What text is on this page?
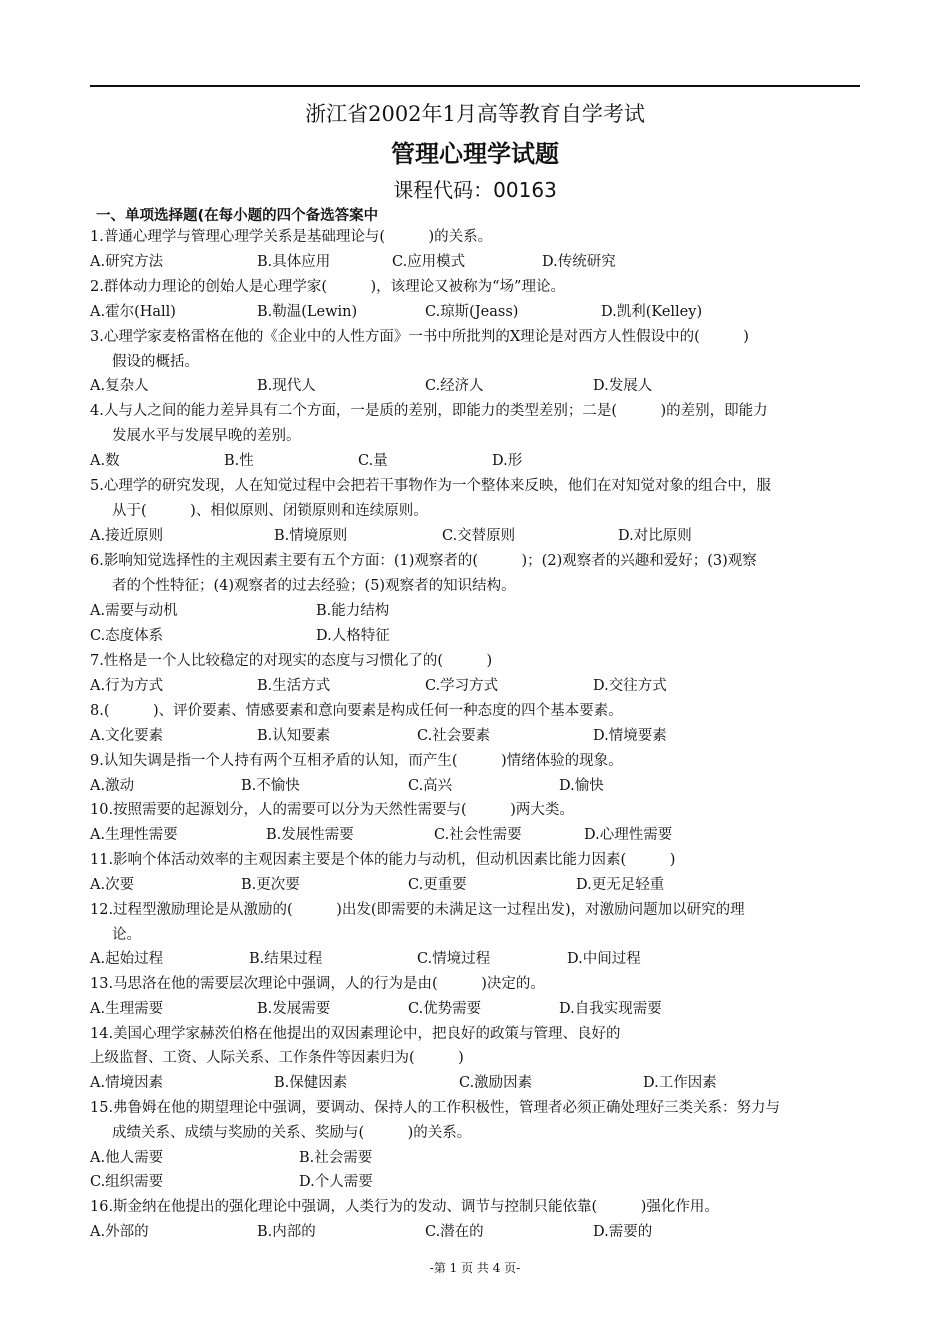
浙江省2002年1月高等教育自学考试
管理心理学试题
课程代码：00163
一、单项选择题(在每小题的四个备选答案中
1.普通心理学与管理心理学关系是基础理论与(　　　)的关系。
A.研究方法	B.具体应用	C.应用模式	D.传统研究
2.群体动力理论的创始人是心理学家(　　　)，该理论又被称为“场”理论。
A.霍尔(Hall)	B.勒温(Lewin)	C.琼斯(Jeass)	D.凯利(Kelley)
3.心理学家麦格雷格在他的《企业中的人性方面》一书中所批判的X理论是对西方人性假设中的(　　　)
假设的概括。
A.复杂人	B.现代人	C.经济人	D.发展人
4.人与人之间的能力差异具有二个方面，一是质的差别，即能力的类型差别；二是(　　　)的差别，即能力
发展水平与发展早晚的差别。
A.数	B.性	C.量	D.形
5.心理学的研究发现，人在知觉过程中会把若干事物作为一个整体来反映，他们在对知觉对象的组合中，服
从于(　　　)、相似原则、闭锁原则和连续原则。
A.接近原则	B.情境原则	C.交替原则	D.对比原则
6.影响知觉选择性的主观因素主要有五个方面：(1)观察者的(　　　)；(2)观察者的兴趣和爱好；(3)观察
者的个性特征；(4)观察者的过去经验；(5)观察者的知识结构。
A.需要与动机	B.能力结构
C.态度体系	D.人格特征
7.性格是一个人比较稳定的对现实的态度与习惯化了的(　　　)
A.行为方式	B.生活方式	C.学习方式	D.交往方式
8.(　　　)、评价要素、情感要素和意向要素是构成任何一种态度的四个基本要素。
A.文化要素	B.认知要素	C.社会要素	D.情境要素
9.认知失调是指一个人持有两个互相矛盾的认知，而产生(　　　)情绪体验的现象。
A.激动	B.不愉快	C.高兴	D.愉快
10.按照需要的起源划分，人的需要可以分为天然性需要与(　　　)两大类。
A.生理性需要	B.发展性需要	C.社会性需要	D.心理性需要
11.影响个体活动效率的主观因素主要是个体的能力与动机，但动机因素比能力因素(　　　)
A.次要	B.更次要	C.更重要	D.更无足轻重
12.过程型激励理论是从激励的(　　　)出发(即需要的未满足这一过程出发)，对激励问题加以研究的理
论。
A.起始过程	B.结果过程	C.情境过程	D.中间过程
13.马思洛在他的需要层次理论中强调，人的行为是由(　　　)决定的。
A.生理需要	B.发展需要	C.优势需要	D.自我实现需要
14.美国心理学家赫茨伯格在他提出的双因素理论中，把良好的政策与管理、良好的
上级监督、工资、人际关系、工作条件等因素归为(　　　)
A.情境因素	B.保健因素	C.激励因素	D.工作因素
15.弗鲁姆在他的期望理论中强调，要调动、保持人的工作积极性，管理者必须正确处理好三类关系：努力与
成绩关系、成绩与奖励的关系、奖励与(　　　)的关系。
A.他人需要	B.社会需要
C.组织需要	D.个人需要
16.斯金纳在他提出的强化理论中强调，人类行为的发动、调节与控制只能依靠(　　　)强化作用。
A.外部的	B.内部的	C.潜在的	D.需要的
-第 1 页 共 4 页-
